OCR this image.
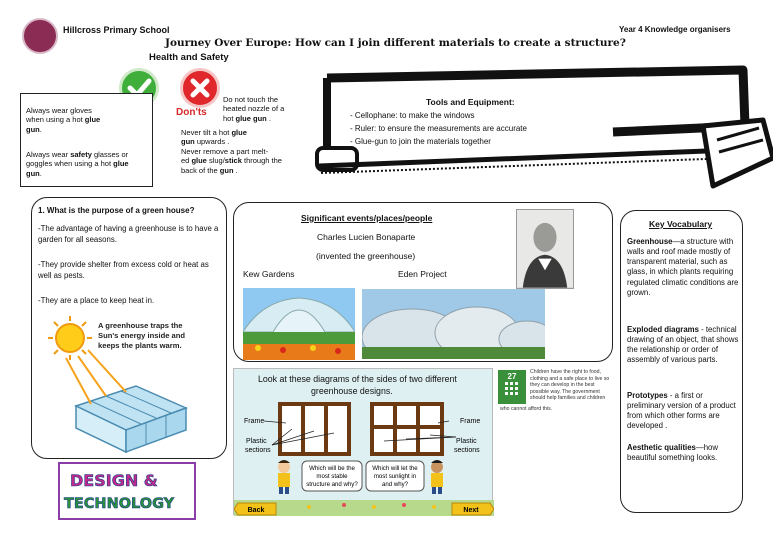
Hillcross Primary School	Year 4 Knowledge organisers
Journey Over Europe: How can I join different materials to create a structure?
Health and Safety
Don'ts
Always wear gloves
when using a hot glue
gun.
Always wear safety glasses or
goggles when using a hot glue
gun.
Do not touch the
heated nozzle of a
hot glue gun .
Never tilt a hot glue
gun upwards .
Never remove a part melt-
ed glue slug/stick through the
back of the gun .
Tools and Equipment:
- Cellophane: to make the windows
- Ruler: to ensure the measurements are accurate
- Glue-gun to join the materials together
1. What is the purpose of a green house?
-The advantage of having a greenhouse is to have a garden for all seasons.
-They provide shelter from excess cold or heat as well as pests.
-They are a place to keep heat in.
A greenhouse traps the Sun's energy inside and keeps the plants warm.
DESIGN &
TECHNOLOGY
Significant events/places/people
Charles Lucien Bonaparte
(invented the greenhouse)
Kew Gardens	Eden Project
Look at these diagrams of the sides of two different
greenhouse designs.
Frame
Plastic
sections
Frame
Plastic
sections
Which will be the
most stable
structure and why?
Which will let the
most sunlight in
and why?
Back	Next
27	Children have the right to food, clothing and a safe place to live so they can develop in the best possible way. The government should help families and children
who cannot afford this.
Key Vocabulary
Greenhouse—a structure with walls and roof made mostly of transparent material, such as glass, in which plants requiring regulated climatic conditions are grown.
Exploded diagrams - technical drawing of an object, that shows the relationship or order of assembly of various parts.
Prototypes - a first or preliminary version of a product from which other forms are developed .
Aesthetic qualities—how beautiful something looks.
